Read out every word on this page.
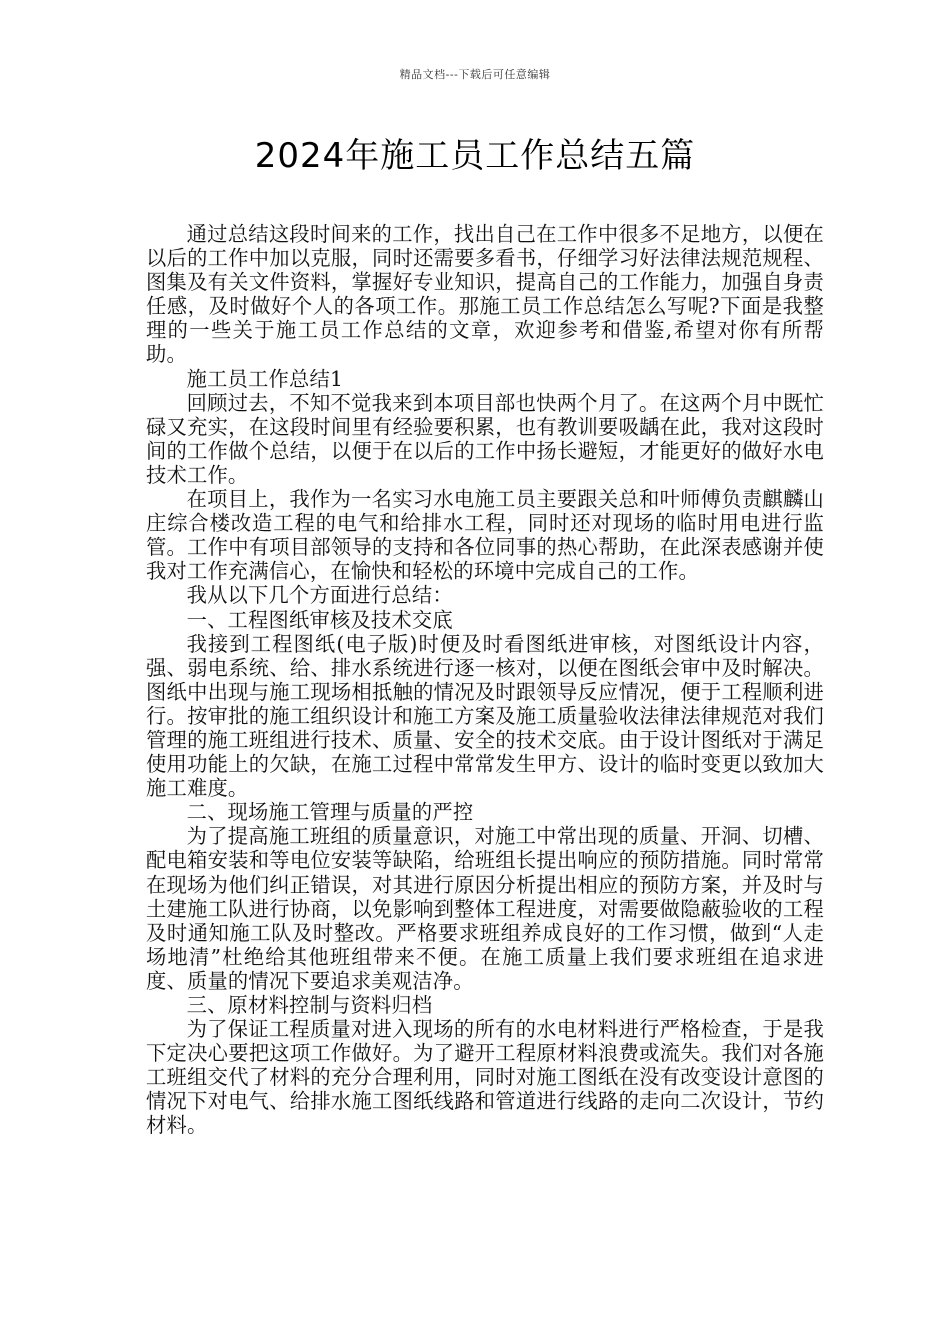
精品文档---下载后可任意编辑
2024年施工员工作总结五篇

通过总结这段时间来的工作，找出自己在工作中很多不足地方，以便在以后的工作中加以克服，同时还需要多看书，仔细学习好法律法规范规程、图集及有关文件资料，掌握好专业知识，提高自己的工作能力，加强自身责任感，及时做好个人的各项工作。那施工员工作总结怎么写呢?下面是我整理的一些关于施工员工作总结的文章，欢迎参考和借鉴,希望对你有所帮助。

施工员工作总结1

回顾过去，不知不觉我来到本项目部也快两个月了。在这两个月中既忙碌又充实，在这段时间里有经验要积累，也有教训要吸龋在此，我对这段时间的工作做个总结，以便于在以后的工作中扬长避短，才能更好的做好水电技术工作。

在项目上，我作为一名实习水电施工员主要跟关总和叶师傅负责麒麟山庄综合楼改造工程的电气和给排水工程，同时还对现场的临时用电进行监管。工作中有项目部领导的支持和各位同事的热心帮助，在此深表感谢并使我对工作充满信心，在愉快和轻松的环境中完成自己的工作。

我从以下几个方面进行总结：

一、工程图纸审核及技术交底

我接到工程图纸(电子版)时便及时看图纸进审核，对图纸设计内容，强、弱电系统、给、排水系统进行逐一核对，以便在图纸会审中及时解决。图纸中出现与施工现场相抵触的情况及时跟领导反应情况，便于工程顺利进行。按审批的施工组织设计和施工方案及施工质量验收法律法律规范对我们管理的施工班组进行技术、质量、安全的技术交底。由于设计图纸对于满足使用功能上的欠缺，在施工过程中常常发生甲方、设计的临时变更以致加大施工难度。

二、现场施工管理与质量的严控

为了提高施工班组的质量意识，对施工中常出现的质量、开洞、切槽、配电箱安装和等电位安装等缺陷，给班组长提出响应的预防措施。同时常常在现场为他们纠正错误，对其进行原因分析提出相应的预防方案，并及时与土建施工队进行协商，以免影响到整体工程进度，对需要做隐蔽验收的工程及时通知施工队及时整改。严格要求班组养成良好的工作习惯，做到“人走场地清”杜绝给其他班组带来不便。在施工质量上我们要求班组在追求进度、质量的情况下要追求美观洁净。

三、原材料控制与资料归档

为了保证工程质量对进入现场的所有的水电材料进行严格检查，于是我下定决心要把这项工作做好。为了避开工程原材料浪费或流失。我们对各施工班组交代了材料的充分合理利用，同时对施工图纸在没有改变设计意图的情况下对电气、给排水施工图纸线路和管道进行线路的走向二次设计，节约材料。
